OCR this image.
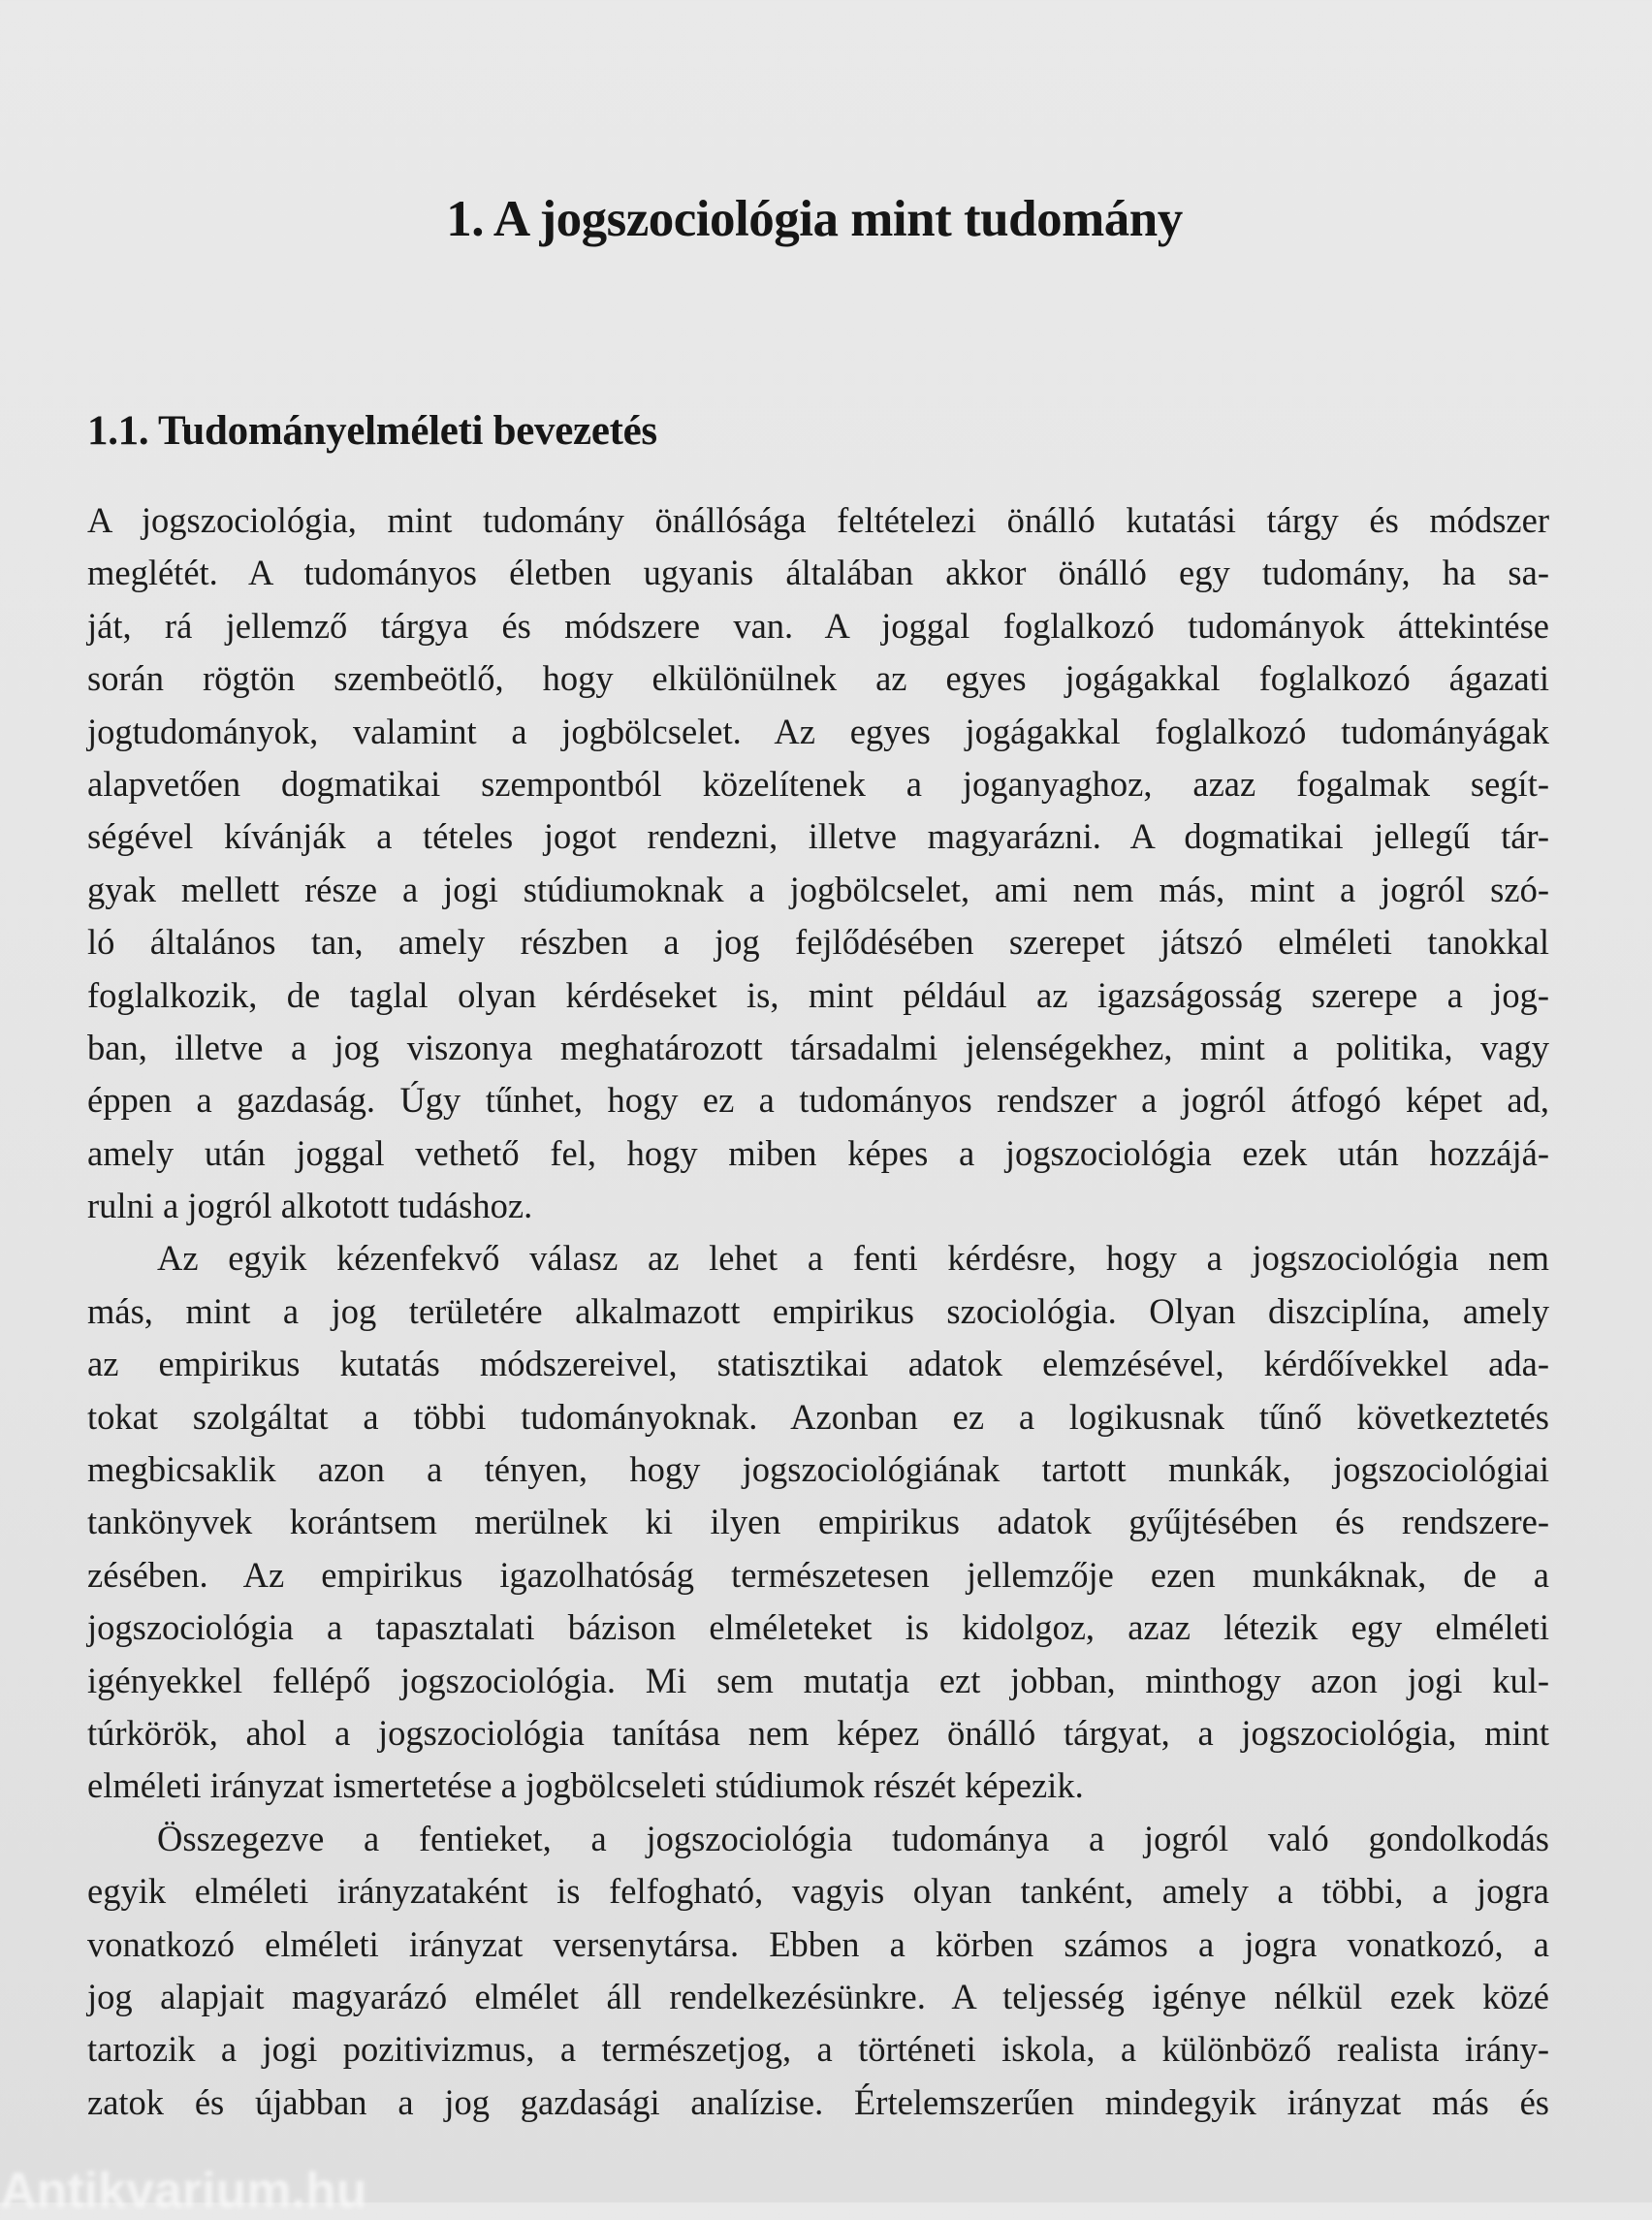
1. A jogszociológia mint tudomány
1.1. Tudományelméleti bevezetés
A jogszociológia, mint tudomány önállósága feltételezi önálló kutatási tárgy és módszer
meglétét. A tudományos életben ugyanis általában akkor önálló egy tudomány, ha sa-
ját, rá jellemző tárgya és módszere van. A joggal foglalkozó tudományok áttekintése
során rögtön szembeötlő, hogy elkülönülnek az egyes jogágakkal foglalkozó ágazati
jogtudományok, valamint a jogbölcselet. Az egyes jogágakkal foglalkozó tudományágak
alapvetően dogmatikai szempontból közelítenek a joganyaghoz, azaz fogalmak segít-
ségével kívánják a tételes jogot rendezni, illetve magyarázni. A dogmatikai jellegű tár-
gyak mellett része a jogi stúdiumoknak a jogbölcselet, ami nem más, mint a jogról szó-
ló általános tan, amely részben a jog fejlődésében szerepet játszó elméleti tanokkal
foglalkozik, de taglal olyan kérdéseket is, mint például az igazságosság szerepe a jog-
ban, illetve a jog viszonya meghatározott társadalmi jelenségekhez, mint a politika, vagy
éppen a gazdaság. Úgy tűnhet, hogy ez a tudományos rendszer a jogról átfogó képet ad,
amely után joggal vethető fel, hogy miben képes a jogszociológia ezek után hozzájá-
rulni a jogról alkotott tudáshoz.
Az egyik kézenfekvő válasz az lehet a fenti kérdésre, hogy a jogszociológia nem
más, mint a jog területére alkalmazott empirikus szociológia. Olyan diszciplína, amely
az empirikus kutatás módszereivel, statisztikai adatok elemzésével, kérdőívekkel ada-
tokat szolgáltat a többi tudományoknak. Azonban ez a logikusnak tűnő következtetés
megbicsaklik azon a tényen, hogy jogszociológiának tartott munkák, jogszociológiai
tankönyvek korántsem merülnek ki ilyen empirikus adatok gyűjtésében és rendszere-
zésében. Az empirikus igazolhatóság természetesen jellemzője ezen munkáknak, de a
jogszociológia a tapasztalati bázison elméleteket is kidolgoz, azaz létezik egy elméleti
igényekkel fellépő jogszociológia. Mi sem mutatja ezt jobban, minthogy azon jogi kul-
túrkörök, ahol a jogszociológia tanítása nem képez önálló tárgyat, a jogszociológia, mint
elméleti irányzat ismertetése a jogbölcseleti stúdiumok részét képezik.
Összegezve a fentieket, a jogszociológia tudománya a jogról való gondolkodás
egyik elméleti irányzataként is felfogható, vagyis olyan tanként, amely a többi, a jogra
vonatkozó elméleti irányzat versenytársa. Ebben a körben számos a jogra vonatkozó, a
jog alapjait magyarázó elmélet áll rendelkezésünkre. A teljesség igénye nélkül ezek közé
tartozik a jogi pozitivizmus, a természetjog, a történeti iskola, a különböző realista irány-
zatok és újabban a jog gazdasági analízise. Értelemszerűen mindegyik irányzat más és
Antikvarium.hu
